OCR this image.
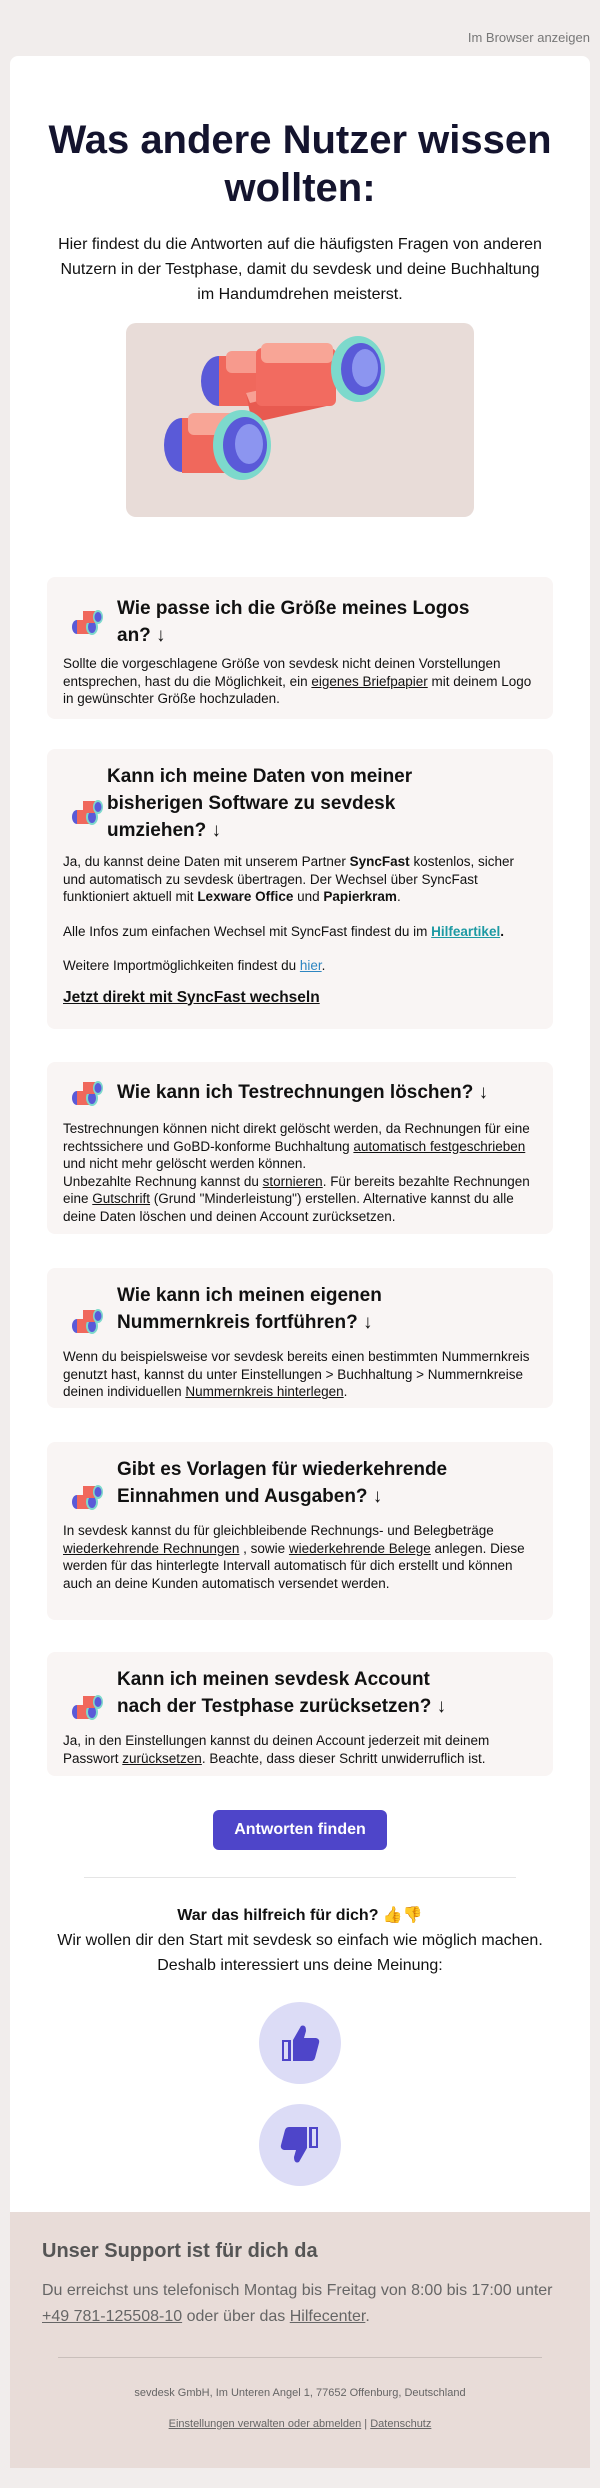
Im Browser anzeigen
Was andere Nutzer wissen wollten:
Hier findest du die Antworten auf die häufigsten Fragen von anderen Nutzern in der Testphase, damit du sevdesk und deine Buchhaltung im Handumdrehen meisterst.
Wie passe ich die Größe meines Logos an? ↓
Sollte die vorgeschlagene Größe von sevdesk nicht deinen Vorstellungen entsprechen, hast du die Möglichkeit, ein eigenes Briefpapier mit deinem Logo in gewünschter Größe hochzuladen.
Kann ich meine Daten von meiner bisherigen Software zu sevdesk umziehen? ↓

Ja, du kannst deine Daten mit unserem Partner SyncFast kostenlos, sicher und automatisch zu sevdesk übertragen. Der Wechsel über SyncFast funktioniert aktuell mit Lexware Office und Papierkram.

Alle Infos zum einfachen Wechsel mit SyncFast findest du im Hilfeartikel.

Weitere Importmöglichkeiten findest du hier.

Jetzt direkt mit SyncFast wechseln

Wie kann ich Testrechnungen löschen? ↓

Testrechnungen können nicht direkt gelöscht werden, da Rechnungen für eine rechtssichere und GoBD-konforme Buchhaltung automatisch festgeschrieben und nicht mehr gelöscht werden können.

Unbezahlte Rechnung kannst du stornieren. Für bereits bezahlte Rechnungen eine Gutschrift (Grund "Minderleistung") erstellen. Alternative kannst du alle deine Daten löschen und deinen Account zurücksetzen.

Wie kann ich meinen eigenen Nummernkreis fortführen? ↓
Wenn du beispielsweise vor sevdesk bereits einen bestimmten Nummernkreis genutzt hast, kannst du unter Einstellungen > Buchhaltung > Nummernkreise deinen individuellen Nummernkreis hinterlegen.
Gibt es Vorlagen für wiederkehrende Einnahmen und Ausgaben? ↓
In sevdesk kannst du für gleichbleibende Rechnungs- und Belegbeträge wiederkehrende Rechnungen , sowie wiederkehrende Belege anlegen. Diese werden für das hinterlegte Intervall automatisch für dich erstellt und können auch an deine Kunden automatisch versendet werden.
Kann ich meinen sevdesk Account nach der Testphase zurücksetzen? ↓
Ja, in den Einstellungen kannst du deinen Account jederzeit mit deinem Passwort zurücksetzen. Beachte, dass dieser Schritt unwiderruflich ist.
Antworten finden
War das hilfreich für dich? 👍👎
Wir wollen dir den Start mit sevdesk so einfach wie möglich machen. Deshalb interessiert uns deine Meinung:
Unser Support ist für dich da
Du erreichst uns telefonisch Montag bis Freitag von 8:00 bis 17:00 unter +49 781-125508-10 oder über das Hilfecenter.
sevdesk GmbH, Im Unteren Angel 1, 77652 Offenburg, Deutschland
Einstellungen verwalten oder abmelden | Datenschutz
